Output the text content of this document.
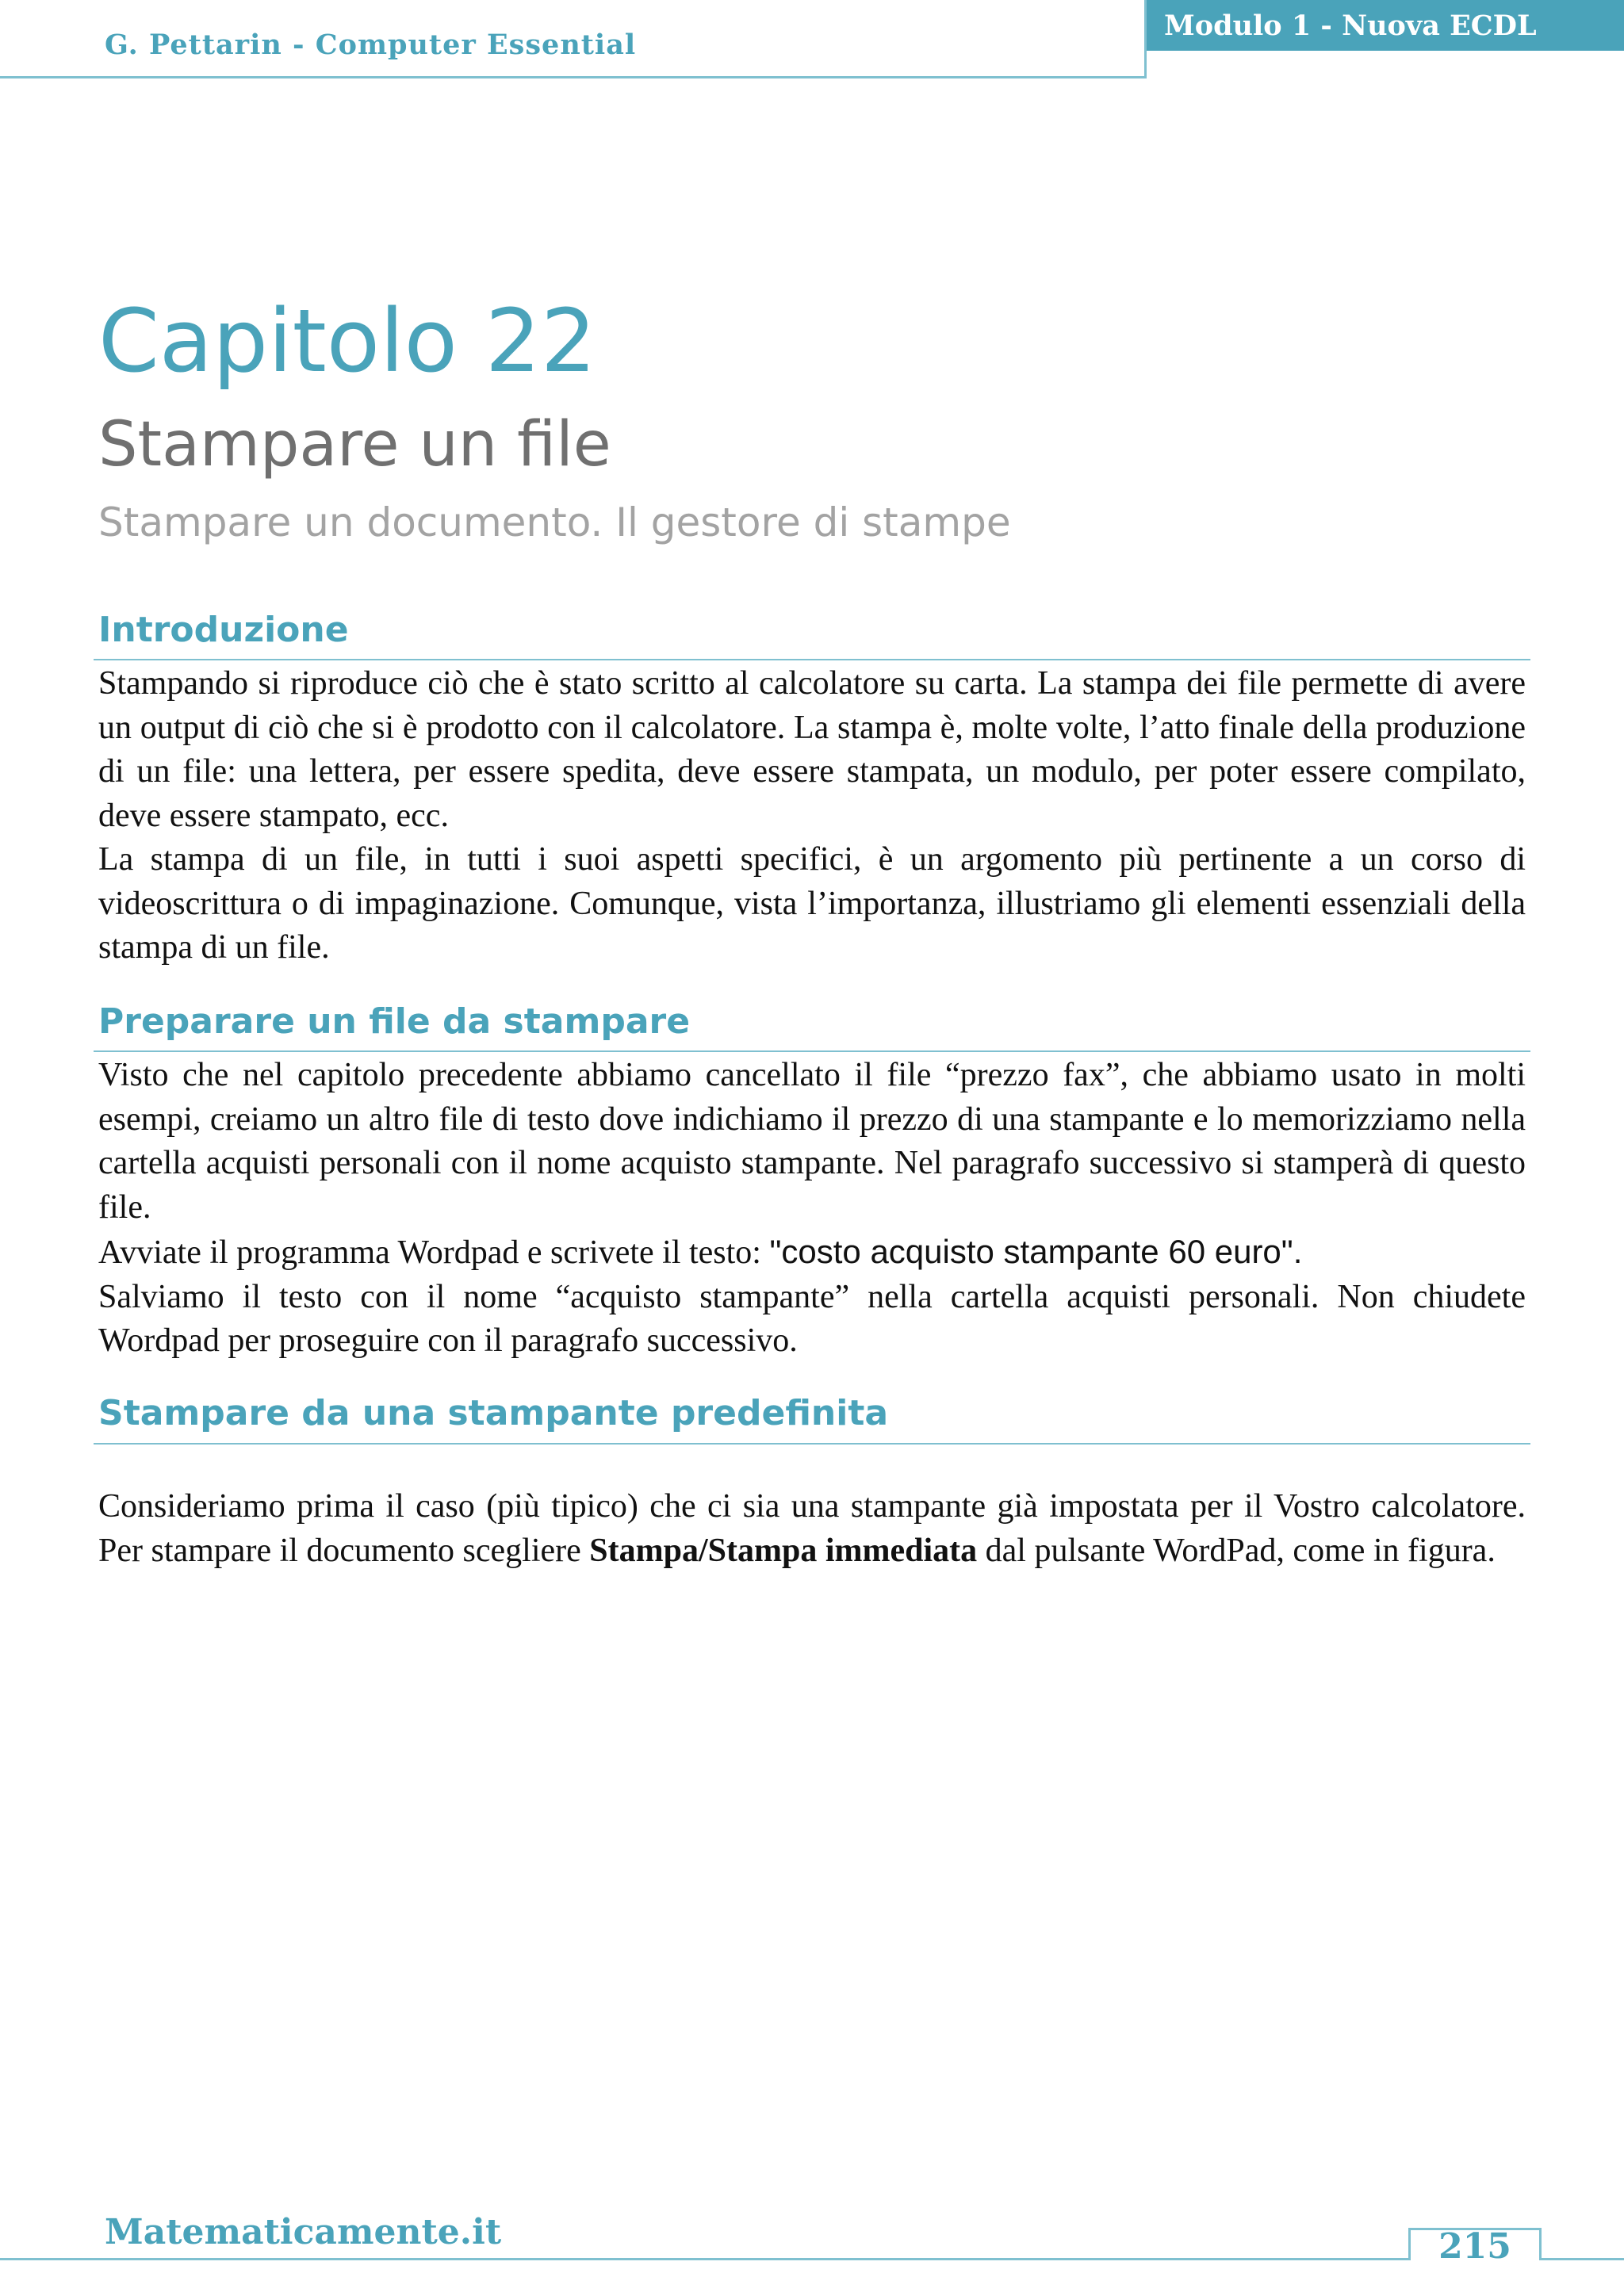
G. Pettarin - Computer Essential
Modulo 1 - Nuova ECDL
Capitolo 22
Stampare un file
Stampare un documento. Il gestore di stampe
Introduzione

Stampando si riproduce ciò che è stato scritto al calcolatore su carta. La stampa dei file permette di avere un output di ciò che si è prodotto con il calcolatore. La stampa è, molte volte, l’atto finale della produzione di un file: una lettera, per essere spedita, deve essere stampata, un modulo, per poter essere compilato, deve essere stampato, ecc.

La stampa di un file, in tutti i suoi aspetti specifici, è un argomento più pertinente a un corso di videoscrittura o di impaginazione. Comunque, vista l’importanza, illustriamo gli elementi essenziali della stampa di un file.

Preparare un file da stampare

Visto che nel capitolo precedente abbiamo cancellato il file “prezzo fax”, che abbiamo usato in molti esempi, creiamo un altro file di testo dove indichiamo il prezzo di una stampante e lo memorizziamo nella cartella acquisti personali con il nome acquisto stampante. Nel paragrafo successivo si stamperà di questo file.

Avviate il programma Wordpad e scrivete il testo: "costo acquisto stampante 60 euro".

Salviamo il testo con il nome “acquisto stampante” nella cartella acquisti personali. Non chiudete Wordpad per proseguire con il paragrafo successivo.

Stampare da una stampante predefinita

Consideriamo prima il caso (più tipico) che ci sia una stampante già impostata per il Vostro calcolatore. Per stampare il documento scegliere Stampa/Stampa immediata dal pulsante WordPad, come in figura.

Matematicamente.it	215
